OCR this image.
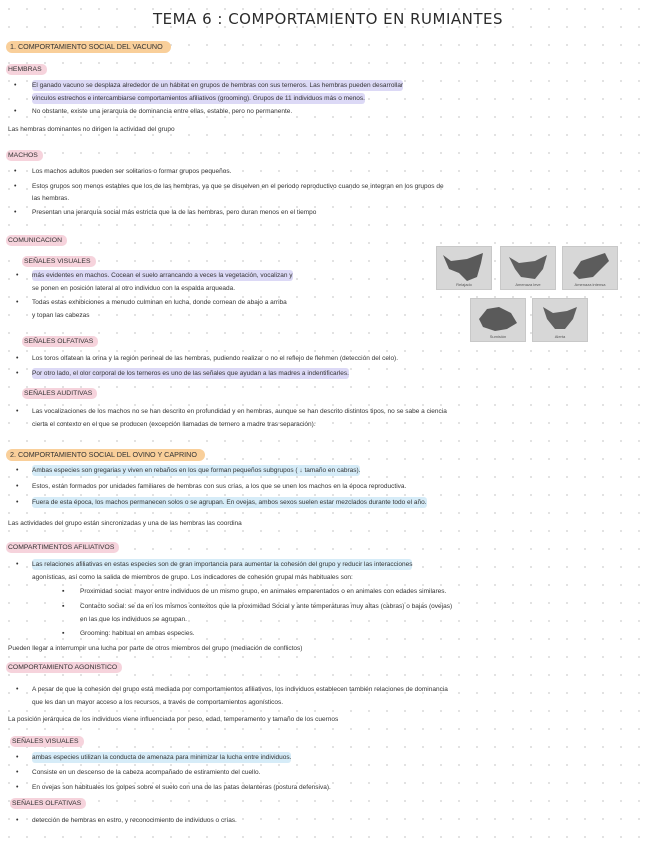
TEMA 6 : COMPORTAMIENTO EN RUMIANTES
1. COMPORTAMIENTO SOCIAL DEL VACUNO
HEMBRAS
• El ganado vacuno se desplaza alrededor de un hábitat en grupos de hembras con sus terneros. Las hembras pueden desarrollar
vínculos estrechos e intercambiarse comportamientos afiliativos (grooming). Grupos de 11 individuos más o menos.
• No obstante, existe una jerarquía de dominancia entre ellas, estable, pero no permanente.
Las hembras dominantes no dirigen la actividad del grupo
MACHOS
• Los machos adultos pueden ser solitarios o formar grupos pequeños.
• Estos grupos son menos estables que los de las hembras, ya que se disuelven en el periodo reproductivo cuando se integran en los grupos de
las hembras.
• Presentan una jerarquía social más estricta que la de las hembras, pero duran menos en el tiempo
COMUNICACION
SEÑALES VISUALES
• más evidentes en machos. Cocean el suelo arrancando a veces la vegetación, vocalizan y
se ponen en posición lateral al otro individuo con la espalda arqueada.
• Todas estas exhibiciones a menudo culminan en lucha, donde cornean de abajo a arriba
y topan las cabezas
Relajado	Amenaza leve	Amenaza intensa
Sumisión	Alerta
SEÑALES OLFATIVAS
• Los toros olfatean la orina y la región perineal de las hembras, pudiendo realizar o no el reflejo de flehmen (detección del celo).
• Por otro lado, el olor corporal de los terneros es uno de las señales que ayudan a las madres a indentificarles.
SEÑALES AUDITIVAS
• Las vocalizaciones de los machos no se han descrito en profundidad y en hembras, aunque se han descrito distintos tipos, no se sabe a ciencia
cierta el contexto en el que se producen (excepción llamadas de ternero a madre tras separación).
2. COMPORTAMIENTO SOCIAL DEL OVINO Y CAPRINO
• Ambas especies son gregarias y viven en rebaños en los que forman pequeños subgrupos ( ↓ tamaño en cabras).
• Estos, están formados por unidades familiares de hembras con sus crías, a los que se unen los machos en la época reproductiva.
• Fuera de esta época, los machos permanecen solos o se agrupan. En ovejas, ambos sexos suelen estar mezclados durante todo el año.
Las actividades del grupo están sincronizadas y una de las hembras las coordina
COMPARTIMENTOS AFILIATIVOS
• Las relaciones afiliativas en estas especies son de gran importancia para aumentar la cohesión del grupo y reducir las interacciones
agonísticas, así como la salida de miembros de grupo. Los indicadores de cohesión grupal más habituales son:
▪ Proximidad social: mayor entre individuos de un mismo grupo, en animales emparentados o en animales con edades similares.
▪ Contacto social: se da en los mismos contextos que la proximidad Social y ante temperaturas muy altas (cabras) o bajas (ovejas)
en las que los individuos se agrupan.
▪ Grooming: habitual en ambas especies.
Pueden llegar a interrumpir una lucha por parte de otros miembros del grupo (mediación de conflictos)
COMPORTAMIENTO AGONISTICO
• A pesar de que la cohesión del grupo está mediada por comportamientos afiliativos, los individuos establecen también relaciones de dominancia
que les dan un mayor acceso a los recursos, a través de comportamientos agonísticos.
La posición jerárquica de los individuos viene influenciada por peso, edad, temperamento y tamaño de los cuernos
SEÑALES VISUALES
• ambas especies utilizan la conducta de amenaza para minimizar la lucha entre individuos.
• Consiste en un descenso de la cabeza acompañado de estiramiento del cuello.
• En ovejas son habituales los golpes sobre el suelo con una de las patas delanteras (postura defensiva).
SEÑALES OLFATIVAS
• detección de hembras en estro, y reconocimiento de individuos o crías.
